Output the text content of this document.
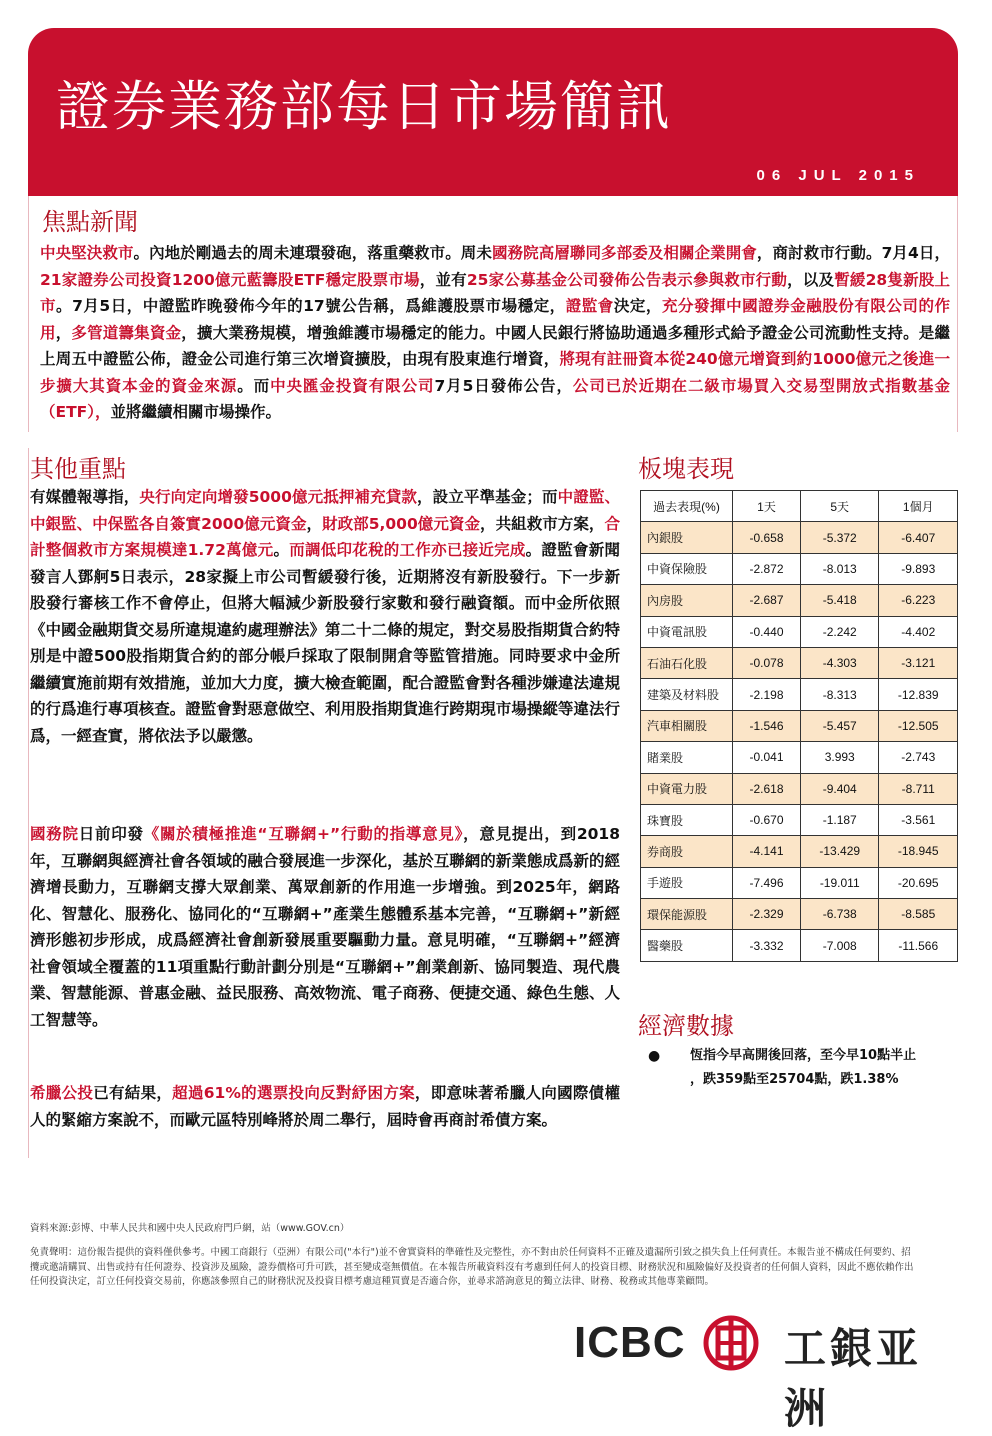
證券業務部每日市場簡訊
06 JUL 2015
焦點新聞

中央堅決救市。內地於剛過去的周未連環發砲，落重藥救市。周未國務院高層聯同多部委及相關企業開會，商討救市行動。7月4日，21家證券公司投資1200億元藍籌股ETF穩定股票市場，並有25家公募基金公司發佈公告表示參與救市行動，以及暫緩28隻新股上市。7月5日，中證監昨晚發佈今年的17號公告稱，爲維護股票市場穩定，證監會決定，充分發揮中國證券金融股份有限公司的作用，多管道籌集資金，擴大業務規模，增強維護市場穩定的能力。中國人民銀行將協助通過多種形式給予證金公司流動性支持。是繼上周五中證監公佈，證金公司進行第三次增資擴股，由現有股東進行增資，將現有註冊資本從240億元增資到約1000億元之後進一步擴大其資本金的資金來源。而中央匯金投資有限公司7月5日發佈公告，公司已於近期在二級市場買入交易型開放式指數基金（ETF），並將繼續相關市場操作。

其他重點

有媒體報導指，央行向定向增發5000億元抵押補充貸款，設立平準基金；而中證監、中銀監、中保監各自簽實2000億元資金，財政部5,000億元資金，共組救市方案，合計整個救市方案規模達1.72萬億元。而調低印花稅的工作亦已接近完成。證監會新聞發言人鄧舸5日表示，28家擬上市公司暫緩發行後，近期將沒有新股發行。下一步新股發行審核工作不會停止，但將大幅減少新股發行家數和發行融資額。而中金所依照《中國金融期貨交易所違規違約處理辦法》第二十二條的規定，對交易股指期貨合約特別是中證500股指期貨合約的部分帳戶採取了限制開倉等監管措施。同時要求中金所繼續實施前期有效措施，並加大力度，擴大檢查範圍，配合證監會對各種涉嫌違法違規的行爲進行專項核查。證監會對惡意做空、利用股指期貨進行跨期現市場操縱等違法行爲，一經查實，將依法予以嚴懲。

國務院日前印發《關於積極推進“互聯網+”行動的指導意見》，意見提出，到2018年，互聯網與經濟社會各領域的融合發展進一步深化，基於互聯網的新業態成爲新的經濟增長動力，互聯網支撐大眾創業、萬眾創新的作用進一步增強。到2025年，網路化、智慧化、服務化、協同化的“互聯網+”產業生態體系基本完善，“互聯網+”新經濟形態初步形成，成爲經濟社會創新發展重要驅動力量。意見明確，“互聯網+”經濟社會領域全覆蓋的11項重點行動計劃分別是“互聯網+”創業創新、協同製造、現代農業、智慧能源、普惠金融、益民服務、高效物流、電子商務、便捷交通、綠色生態、人工智慧等。

希臘公投已有結果，超過61%的選票投向反對紓困方案，即意味著希臘人向國際債權人的緊縮方案說不，而歐元區特別峰將於周二舉行，屆時會再商討希債方案。

板塊表現
過去表現(%)	1天	5天	1個月
內銀股	-0.658	-5.372	-6.407
中資保險股	-2.872	-8.013	-9.893
內房股	-2.687	-5.418	-6.223
中資電訊股	-0.440	-2.242	-4.402
石油石化股	-0.078	-4.303	-3.121
建築及材料股	-2.198	-8.313	-12.839
汽車相關股	-1.546	-5.457	-12.505
賭業股	-0.041	3.993	-2.743
中資電力股	-2.618	-9.404	-8.711
珠寶股	-0.670	-1.187	-3.561
券商股	-4.141	-13.429	-18.945
手遊股	-7.496	-19.011	-20.695
環保能源股	-2.329	-6.738	-8.585
醫藥股	-3.332	-7.008	-11.566
經濟數據
● 恆指今早高開後回落，至今早10點半止
，跌359點至25704點，跌1.38%
資料來源:彭博、中華人民共和國中央人民政府門戶網，站（www.GOV.cn）
免責聲明：這份報告提供的資料僅供參考。中國工商銀行（亞洲）有限公司("本行")並不會實資料的準確性及完整性，亦不對由於任何資料不正確及遺漏所引致之損失負上任何責任。本報告並不構成任何要約、招
攬或邀請購買、出售或持有任何證券、投資涉及風險，證券價格可升可跌，甚至變成毫無價值。在本報告所載資料沒有考慮到任何人的投資目標、財務狀況和風險偏好及投資者的任何個人資料，因此不應依賴作出
任何投資決定，訂立任何投資交易前，你應該參照自己的財務狀況及投資目標考慮這種買賣是否適合你，並尋求諮詢意見的獨立法律、財務、稅務或其他專業顧問。
ICBC 工銀亚洲
